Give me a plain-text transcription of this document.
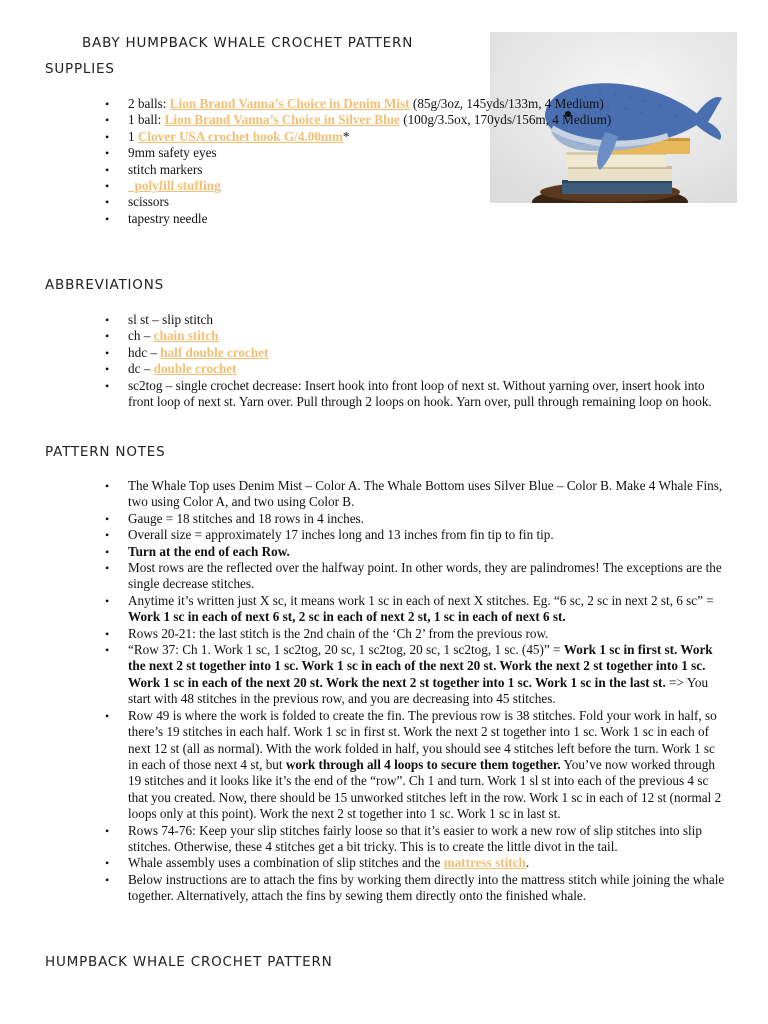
BABY HUMPBACK WHALE CROCHET PATTERN
SUPPLIES
• 2 balls: Lion Brand Vanna’s Choice in Denim Mist (85g/3oz, 145yds/133m, 4 Medium)
• 1 ball: Lion Brand Vanna’s Choice in Silver Blue (100g/3.5ox, 170yds/156m, 4 Medium)
• 1 Clover USA crochet hook G/4.00mm*
• 9mm safety eyes
• stitch markers
•   polyfill stuffing
• scissors
• tapestry needle
ABBREVIATIONS
• sl st – slip stitch
• ch – chain stitch
• hdc – half double crochet
• dc – double crochet
• sc2tog – single crochet decrease: Insert hook into front loop of next st. Without yarning over, insert hook into front loop of next st. Yarn over. Pull through 2 loops on hook. Yarn over, pull through remaining loop on hook.
PATTERN NOTES
• The Whale Top uses Denim Mist – Color A. The Whale Bottom uses Silver Blue – Color B. Make 4 Whale Fins, two using Color A, and two using Color B.
• Gauge = 18 stitches and 18 rows in 4 inches.
• Overall size = approximately 17 inches long and 13 inches from fin tip to fin tip.
• Turn at the end of each Row.
• Most rows are the reflected over the halfway point. In other words, they are palindromes! The exceptions are the single decrease stitches.
• Anytime it’s written just X sc, it means work 1 sc in each of next X stitches. Eg. “6 sc, 2 sc in next 2 st, 6 sc” = Work 1 sc in each of next 6 st, 2 sc in each of next 2 st, 1 sc in each of next 6 st.
• Rows 20-21: the last stitch is the 2nd chain of the ‘Ch 2’ from the previous row.
• “Row 37: Ch 1. Work 1 sc, 1 sc2tog, 20 sc, 1 sc2tog, 20 sc, 1 sc2tog, 1 sc. (45)” = Work 1 sc in first st. Work the next 2 st together into 1 sc. Work 1 sc in each of the next 20 st. Work the next 2 st together into 1 sc. Work 1 sc in each of the next 20 st. Work the next 2 st together into 1 sc. Work 1 sc in the last st. => You start with 48 stitches in the previous row, and you are decreasing into 45 stitches.
• Row 49 is where the work is folded to create the fin. The previous row is 38 stitches. Fold your work in half, so there’s 19 stitches in each half. Work 1 sc in first st. Work the next 2 st together into 1 sc. Work 1 sc in each of next 12 st (all as normal). With the work folded in half, you should see 4 stitches left before the turn. Work 1 sc in each of those next 4 st, but work through all 4 loops to secure them together. You’ve now worked through 19 stitches and it looks like it’s the end of the “row”. Ch 1 and turn. Work 1 sl st into each of the previous 4 sc that you created. Now, there should be 15 unworked stitches left in the row. Work 1 sc in each of 12 st (normal 2 loops only at this point). Work the next 2 st together into 1 sc. Work 1 sc in last st.
• Rows 74-76: Keep your slip stitches fairly loose so that it’s easier to work a new row of slip stitches into slip stitches. Otherwise, these 4 stitches get a bit tricky. This is to create the little divot in the tail.
• Whale assembly uses a combination of slip stitches and the mattress stitch.
• Below instructions are to attach the fins by working them directly into the mattress stitch while joining the whale together. Alternatively, attach the fins by sewing them directly onto the finished whale.
HUMPBACK WHALE CROCHET PATTERN
